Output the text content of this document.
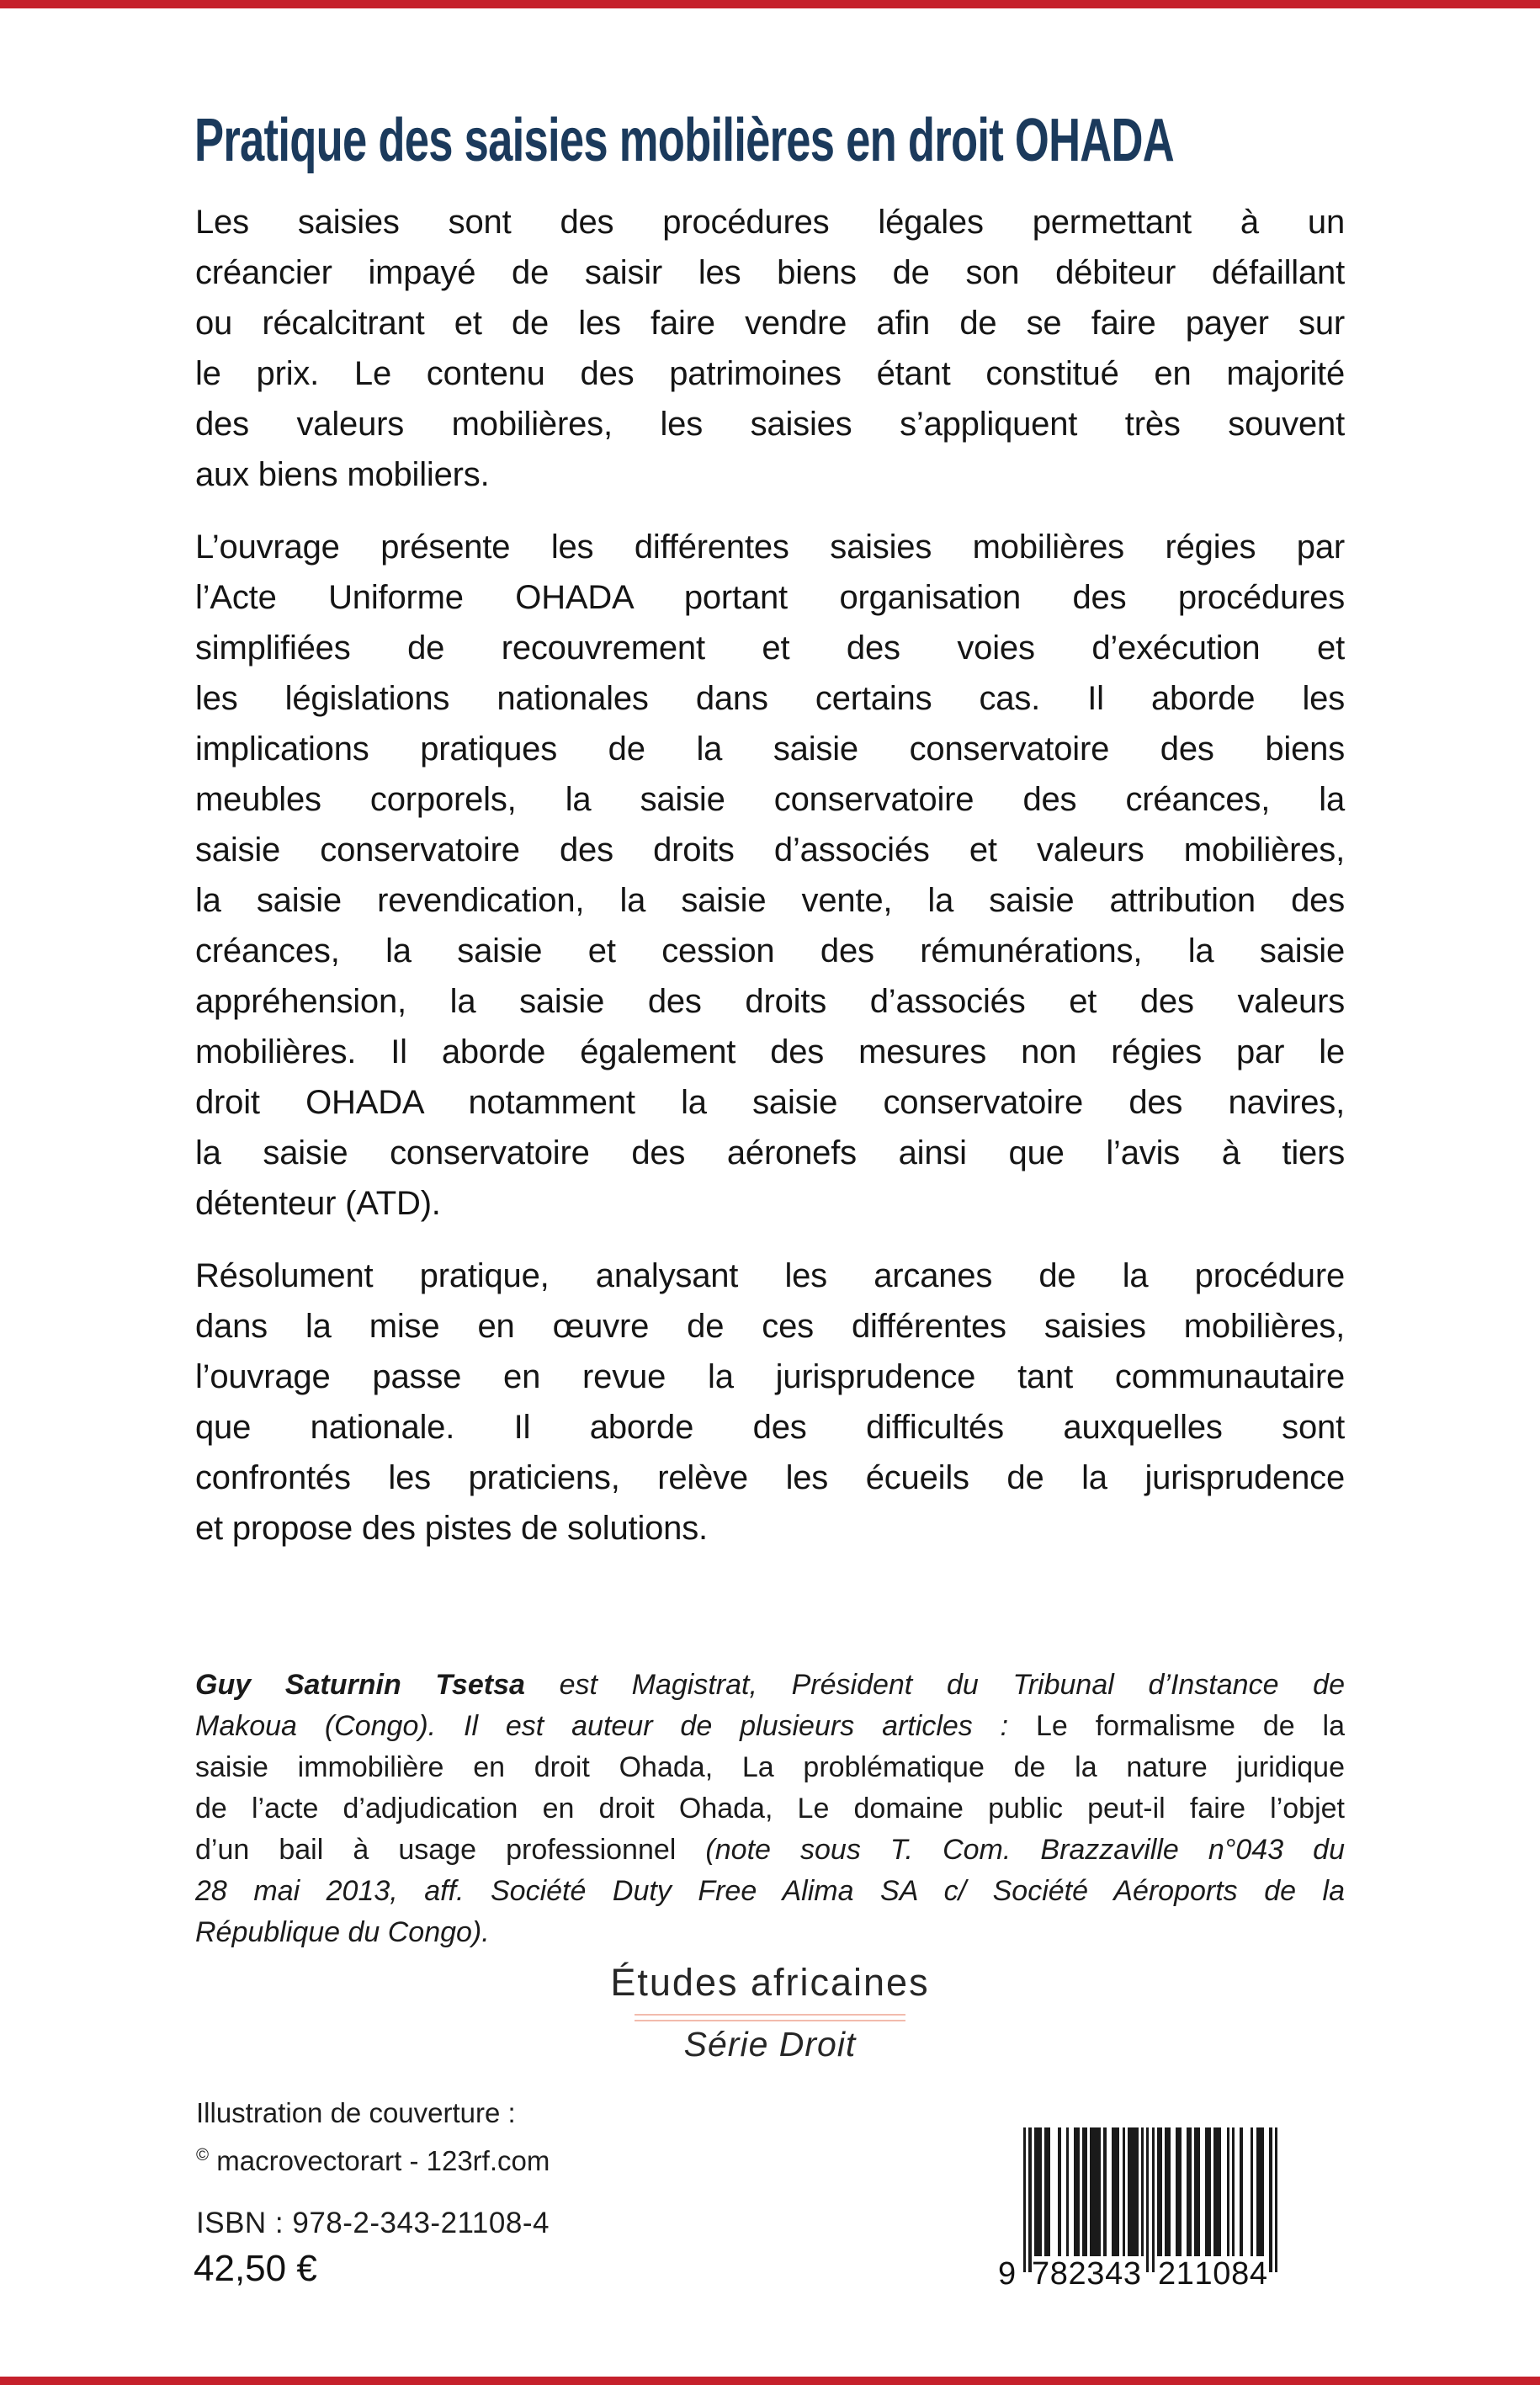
Pratique des saisies mobilières en droit OHADA
Les saisies sont des procédures légales permettant à un
créancier impayé de saisir les biens de son débiteur défaillant
ou récalcitrant et de les faire vendre afin de se faire payer sur
le prix. Le contenu des patrimoines étant constitué en majorité
des valeurs mobilières, les saisies s’appliquent très souvent
aux biens mobiliers.
L’ouvrage présente les différentes saisies mobilières régies par
l’Acte Uniforme OHADA portant organisation des procédures
simplifiées de recouvrement et des voies d’exécution et
les législations nationales dans certains cas. Il aborde les
implications pratiques de la saisie conservatoire des biens
meubles corporels, la saisie conservatoire des créances, la
saisie conservatoire des droits d’associés et valeurs mobilières,
la saisie revendication, la saisie vente, la saisie attribution des
créances, la saisie et cession des rémunérations, la saisie
appréhension, la saisie des droits d’associés et des valeurs
mobilières. Il aborde également des mesures non régies par le
droit OHADA notamment la saisie conservatoire des navires,
la saisie conservatoire des aéronefs ainsi que l’avis à tiers
détenteur (ATD).
Résolument pratique, analysant les arcanes de la procédure
dans la mise en œuvre de ces différentes saisies mobilières,
l’ouvrage passe en revue la jurisprudence tant communautaire
que nationale. Il aborde des difficultés auxquelles sont
confrontés les praticiens, relève les écueils de la jurisprudence
et propose des pistes de solutions.
Guy Saturnin Tsetsa est Magistrat, Président du Tribunal d’Instance de
Makoua (Congo). Il est auteur de plusieurs articles : Le formalisme de la
saisie immobilière en droit Ohada, La problématique de la nature juridique
de l’acte d’adjudication en droit Ohada, Le domaine public peut-il faire l’objet
d’un bail à usage professionnel (note sous T. Com. Brazzaville n°043 du
28 mai 2013, aff. Société Duty Free Alima SA c/ Société Aéroports de la
République du Congo).
Études africaines
Série Droit
Illustration de couverture :
© macrovectorart - 123rf.com
ISBN : 978-2-343-21108-4
42,50 €	9 7 8 2 3 4 3 2 1 1 0 8 4
